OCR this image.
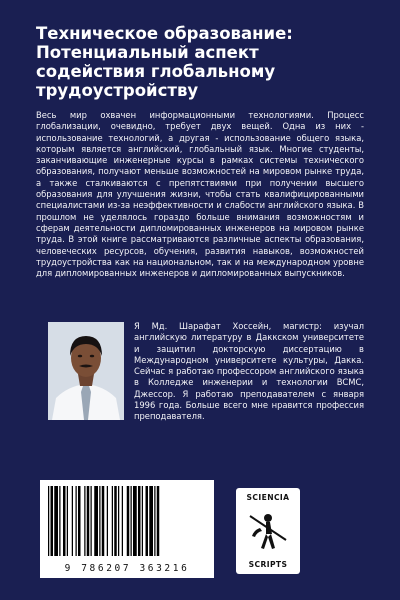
Техническое образование:
Потенциальный аспект
содействия глобальному
трудоустройству

Весь мир охвачен информационными технологиями. Процесс глобализации, очевидно, требует двух вещей. Одна из них - использование технологий, а другая - использование общего языка, которым является английский, глобальный язык. Многие студенты, заканчивающие инженерные курсы в рамках системы технического образования, получают меньше возможностей на мировом рынке труда, а также сталкиваются с препятствиями при получении высшего образования для улучшения жизни, чтобы стать квалифицированными специалистами из-за неэффективности и слабости английского языка. В прошлом не уделялось гораздо больше внимания возможностям и сферам деятельности дипломированных инженеров на мировом рынке труда. В этой книге рассматриваются различные аспекты образования, человеческих ресурсов, обучения, развития навыков, возможностей трудоустройства как на национальном, так и на международном уровне для дипломированных инженеров и дипломированных выпускников.

Я Мд. Шарафат Хоссейн, магистр: изучал английскую литературу в Даккском университете и защитил докторскую диссертацию в Международном университете культуры, Дакка. Сейчас я работаю профессором английского языка в Колледже инженерии и технологии BCMC, Джессор. Я работаю преподавателем с января 1996 года. Больше всего мне нравится профессия преподавателя.

9 786207 363216
SCIENCIA
SCRIPTS
